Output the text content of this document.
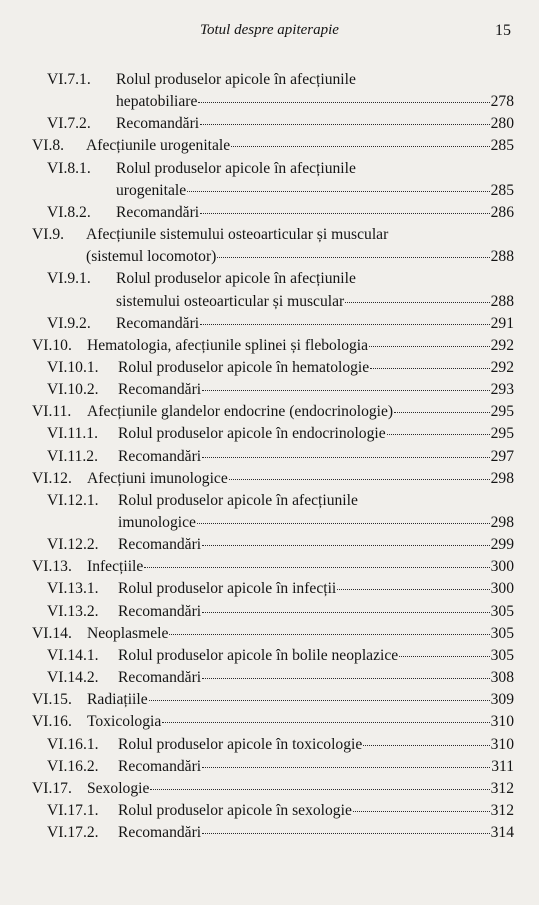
Totul despre apiterapie	15
VI.7.1. Rolul produselor apicole în afecțiunile
hepatobiliare	278
VI.7.2. Recomandări	280
VI.8. Afecțiunile urogenitale	285
VI.8.1. Rolul produselor apicole în afecțiunile
urogenitale	285
VI.8.2. Recomandări	286
VI.9. Afecțiunile sistemului osteoarticular și muscular
(sistemul locomotor)	288
VI.9.1. Rolul produselor apicole în afecțiunile
sistemului osteoarticular și muscular	288
VI.9.2. Recomandări	291
VI.10. Hematologia, afecțiunile splinei și flebologia	292
VI.10.1. Rolul produselor apicole în hematologie	292
VI.10.2. Recomandări	293
VI.11. Afecțiunile glandelor endocrine (endocrinologie)	295
VI.11.1. Rolul produselor apicole în endocrinologie	295
VI.11.2. Recomandări	297
VI.12. Afecțiuni imunologice	298
VI.12.1. Rolul produselor apicole în afecțiunile
imunologice	298
VI.12.2. Recomandări	299
VI.13. Infecțiile	300
VI.13.1. Rolul produselor apicole în infecții	300
VI.13.2. Recomandări	305
VI.14. Neoplasmele	305
VI.14.1. Rolul produselor apicole în bolile neoplazice	305
VI.14.2. Recomandări	308
VI.15. Radiațiile	309
VI.16. Toxicologia	310
VI.16.1. Rolul produselor apicole în toxicologie	310
VI.16.2. Recomandări	311
VI.17. Sexologie	312
VI.17.1. Rolul produselor apicole în sexologie	312
VI.17.2. Recomandări	314
